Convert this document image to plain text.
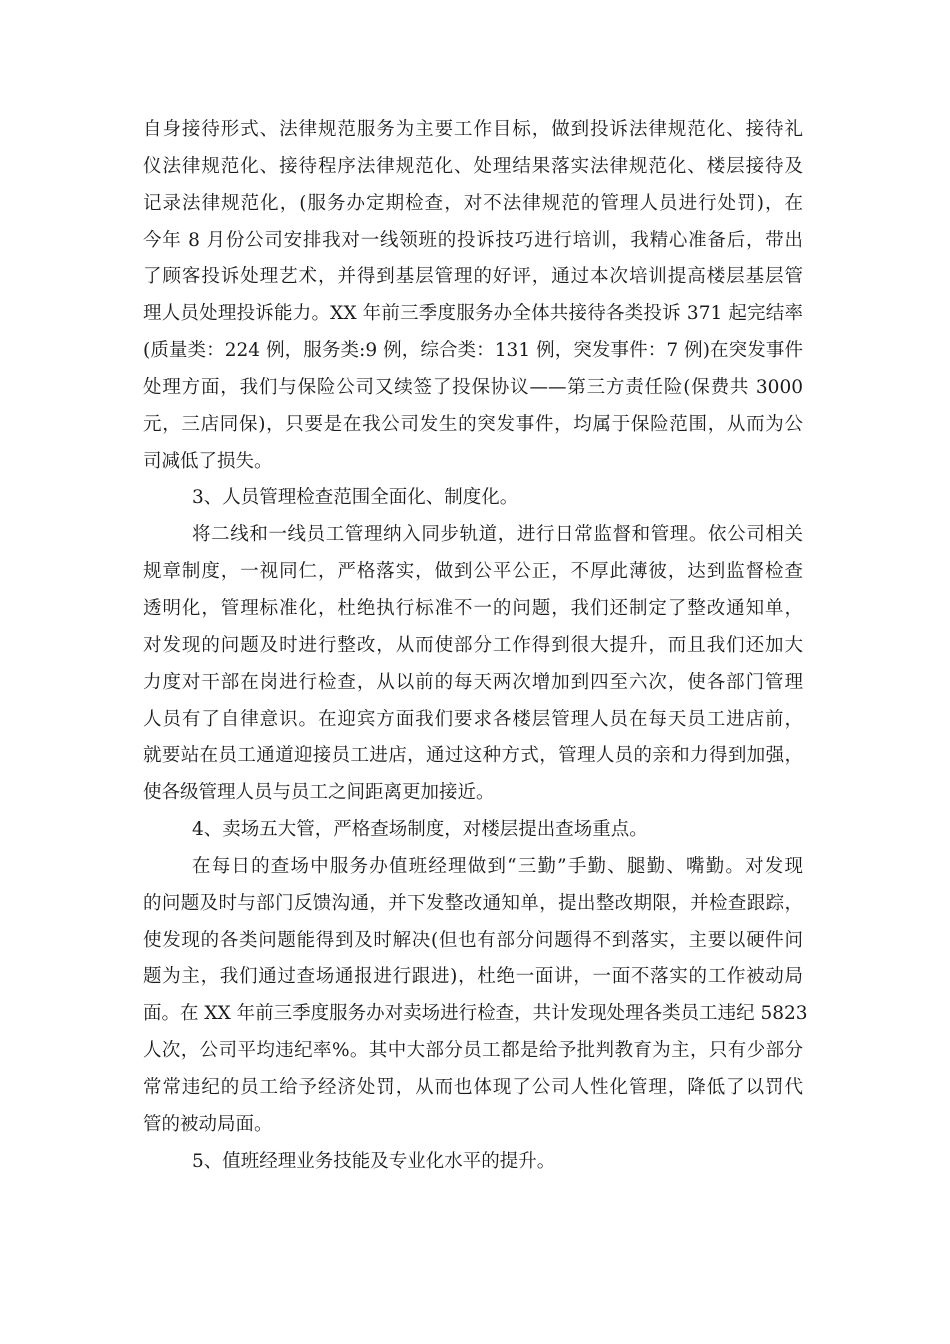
自身接待形式、法律规范服务为主要工作目标，做到投诉法律规范化、接待礼
仪法律规范化、接待程序法律规范化、处理结果落实法律规范化、楼层接待及
记录法律规范化，(服务办定期检查，对不法律规范的管理人员进行处罚)，在
今年 8 月份公司安排我对一线领班的投诉技巧进行培训，我精心准备后，带出
了顾客投诉处理艺术，并得到基层管理的好评，通过本次培训提高楼层基层管
理人员处理投诉能力。XX 年前三季度服务办全体共接待各类投诉 371 起完结率
(质量类：224 例，服务类:9 例，综合类：131 例，突发事件：7 例)在突发事件
处理方面，我们与保险公司又续签了投保协议——第三方责任险(保费共 3000
元，三店同保)，只要是在我公司发生的突发事件，均属于保险范围，从而为公
司减低了损失。
3、人员管理检查范围全面化、制度化。
将二线和一线员工管理纳入同步轨道，进行日常监督和管理。依公司相关
规章制度，一视同仁，严格落实，做到公平公正，不厚此薄彼，达到监督检查
透明化，管理标准化，杜绝执行标准不一的问题，我们还制定了整改通知单，
对发现的问题及时进行整改，从而使部分工作得到很大提升，而且我们还加大
力度对干部在岗进行检查，从以前的每天两次增加到四至六次，使各部门管理
人员有了自律意识。在迎宾方面我们要求各楼层管理人员在每天员工进店前，
就要站在员工通道迎接员工进店，通过这种方式，管理人员的亲和力得到加强，
使各级管理人员与员工之间距离更加接近。
4、卖场五大管，严格查场制度，对楼层提出查场重点。
在每日的查场中服务办值班经理做到“三勤”手勤、腿勤、嘴勤。对发现
的问题及时与部门反馈沟通，并下发整改通知单，提出整改期限，并检查跟踪，
使发现的各类问题能得到及时解决(但也有部分问题得不到落实，主要以硬件问
题为主，我们通过查场通报进行跟进)，杜绝一面讲，一面不落实的工作被动局
面。在 XX 年前三季度服务办对卖场进行检查，共计发现处理各类员工违纪 5823
人次，公司平均违纪率%。其中大部分员工都是给予批判教育为主，只有少部分
常常违纪的员工给予经济处罚，从而也体现了公司人性化管理，降低了以罚代
管的被动局面。
5、值班经理业务技能及专业化水平的提升。
